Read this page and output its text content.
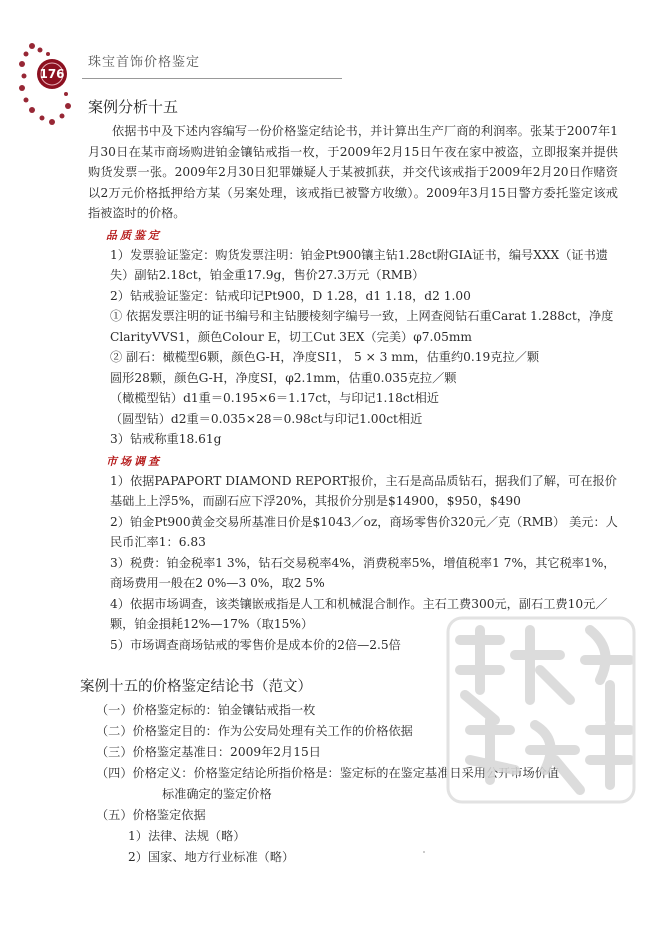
176
珠宝首饰价格鉴定
案例分析十五

依据书中及下述内容编写一份价格鉴定结论书，并计算出生产厂商的利润率。张某于2007年1月30日在某市商场购进铂金镶钻戒指一枚，于2009年2月15日午夜在家中被盗，立即报案并提供购货发票一张。2009年2月30日犯罪嫌疑人于某被抓获，并交代该戒指于2009年2月20日作赌资以2万元价格抵押给方某（另案处理，该戒指已被警方收缴）。2009年3月15日警方委托鉴定该戒指被盗时的价格。

品质鉴定

1）发票验证鉴定：购货发票注明：铂金Pt900镶主钻1.28ct附GIA证书，编号XXX（证书遗失）副钻2.18ct，铂金重17.9g，售价27.3万元（RMB）

2）钻戒验证鉴定：钻戒印记Pt900，D 1.28，d1 1.18，d2 1.00

① 依据发票注明的证书编号和主钻腰棱刻字编号一致，上网查阅钻石重Carat 1.288ct，净度ClarityVVS1，颜色Colour E，切工Cut 3EX（完美）φ7.05mm

② 副石：橄榄型6颗，颜色G-H，净度SI1， 5 × 3 mm，估重约0.19克拉／颗

圆形28颗，颜色G-H，净度SI，φ2.1mm，估重0.035克拉／颗

（橄榄型钻）d1重＝0.195×6＝1.17ct，与印记1.18ct相近

（圆型钻）d2重＝0.035×28＝0.98ct与印记1.00ct相近

3）钻戒称重18.61g

市场调查

1）依据PAPAPORT DIAMOND REPORT报价，主石是高品质钻石，据我们了解，可在报价基础上上浮5%，而副石应下浮20%，其报价分别是$14900，$950，$490

2）铂金Pt900黄金交易所基准日价是$1043／oz，商场零售价320元／克（RMB） 美元：人民币汇率1：6.83

3）税费：铂金税率1 3%，钻石交易税率4%，消费税率5%，增值税率1 7%，其它税率1%，商场费用一般在2 0%—3 0%，取2 5%

4）依据市场调查，该类镶嵌戒指是人工和机械混合制作。主石工费300元，副石工费10元／颗，铂金損耗12%—17%（取15%）

5）市场调查商场钻戒的零售价是成本价的2倍—2.5倍

案例十五的价格鉴定结论书（范文）

（一）价格鉴定标的：铂金镶钻戒指一枚

（二）价格鉴定目的：作为公安局处理有关工作的价格依据

（三）价格鉴定基准日：2009年2月15日

（四）价格定义：价格鉴定结论所指价格是：鉴定标的在鉴定基准日采用公开市场价值

标准确定的鉴定价格

（五）价格鉴定依据

1）法律、法规（略）

2）国家、地方行业标准（略）
